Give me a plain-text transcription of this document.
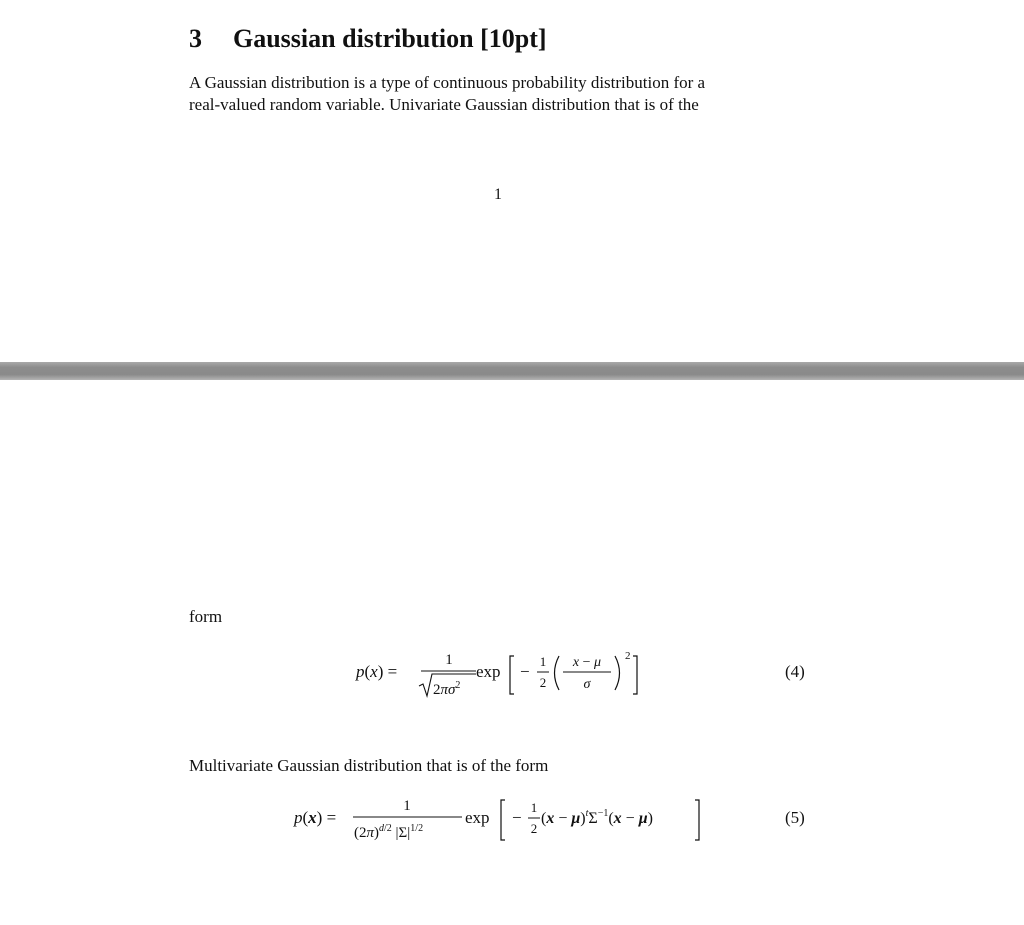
3 Gaussian distribution [10pt]
A Gaussian distribution is a type of continuous probability distribution for a
real-valued random variable. Univariate Gaussian distribution that is of the
1
form
p(x) =
1
$2\pi\sigma^2$
exp −
1
2
x − μ
σ
2
(4)
Multivariate Gaussian distribution that is of the form
p(x) =
1
$(2\pi)^d/2$ $|\Sigma|^{1/2}$
exp −
1
2
$(x - \mu)^t\Sigma^{-1}(x - \mu)$	(5)
